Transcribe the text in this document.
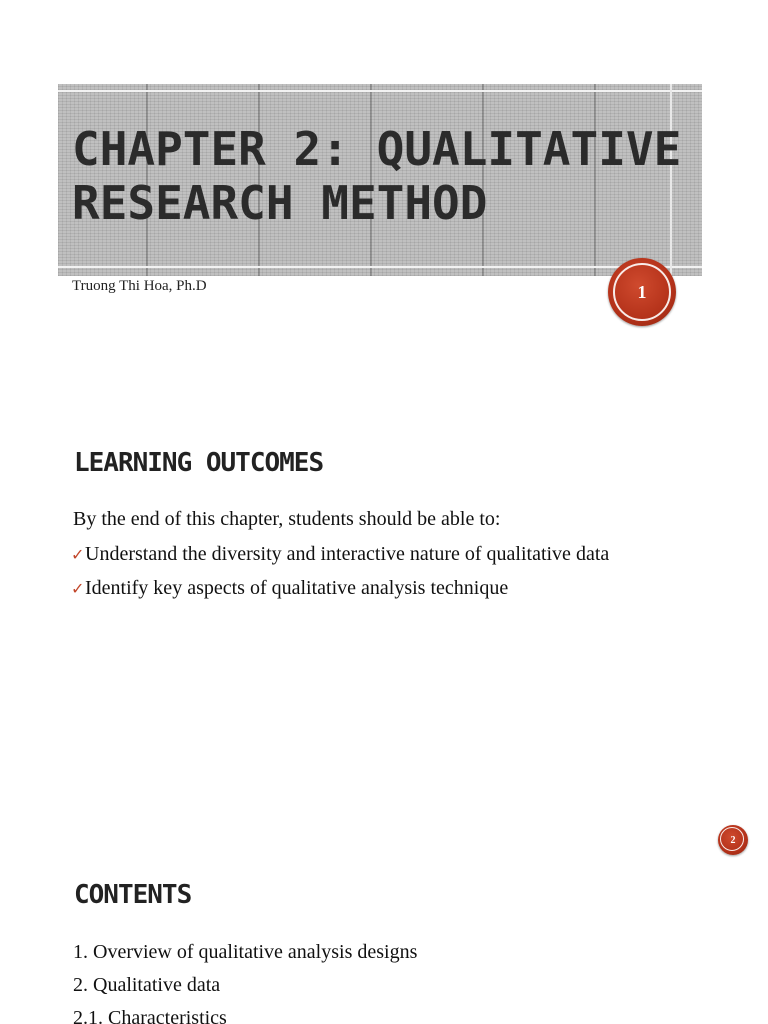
CHAPTER 2: QUALITATIVE
RESEARCH METHOD
Truong Thi Hoa, Ph.D	1
LEARNING OUTCOMES
2

By the end of this chapter, students should be able to:

✓ Understand the diversity and interactive nature of qualitative data
✓ Identify key aspects of qualitative analysis technique
CONTENTS
1. Overview of qualitative analysis designs
2. Qualitative data
2.1. Characteristics
